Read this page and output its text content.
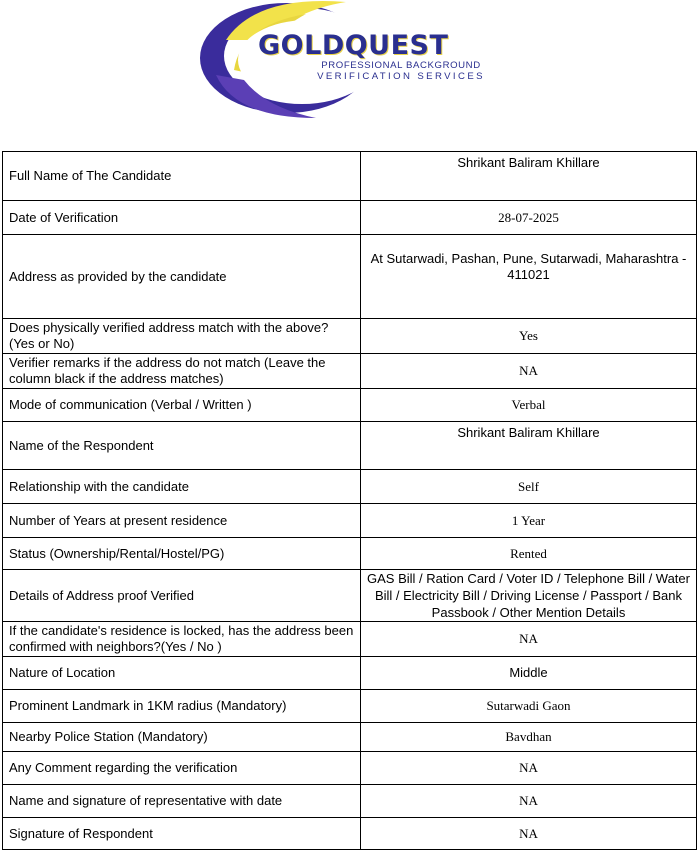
GOLDQUEST
PROFESSIONAL BACKGROUND
VERIFICATION SERVICES
Full Name of The Candidate	Shrikant Baliram Khillare
Date of Verification	28-07-2025
Address as provided by the candidate	At Sutarwadi, Pashan, Pune, Sutarwadi, Maharashtra - 411021
Does physically verified address match with the above? (Yes or No)	Yes
Verifier remarks if the address do not match (Leave the column black if the address matches)	NA
Mode of communication (Verbal / Written )	Verbal
Name of the Respondent	Shrikant Baliram Khillare
Relationship with the candidate	Self
Number of Years at present residence	1 Year
Status (Ownership/Rental/Hostel/PG)	Rented
Details of Address proof Verified	GAS Bill / Ration Card / Voter ID / Telephone Bill / Water Bill / Electricity Bill / Driving License / Passport / Bank Passbook / Other Mention Details
If the candidate's residence is locked, has the address been confirmed with neighbors?(Yes / No )	NA
Nature of Location	Middle
Prominent Landmark in 1KM radius (Mandatory)	Sutarwadi Gaon
Nearby Police Station (Mandatory)	Bavdhan
Any Comment regarding the verification	NA
Name and signature of representative with date	NA
Signature of Respondent	NA
